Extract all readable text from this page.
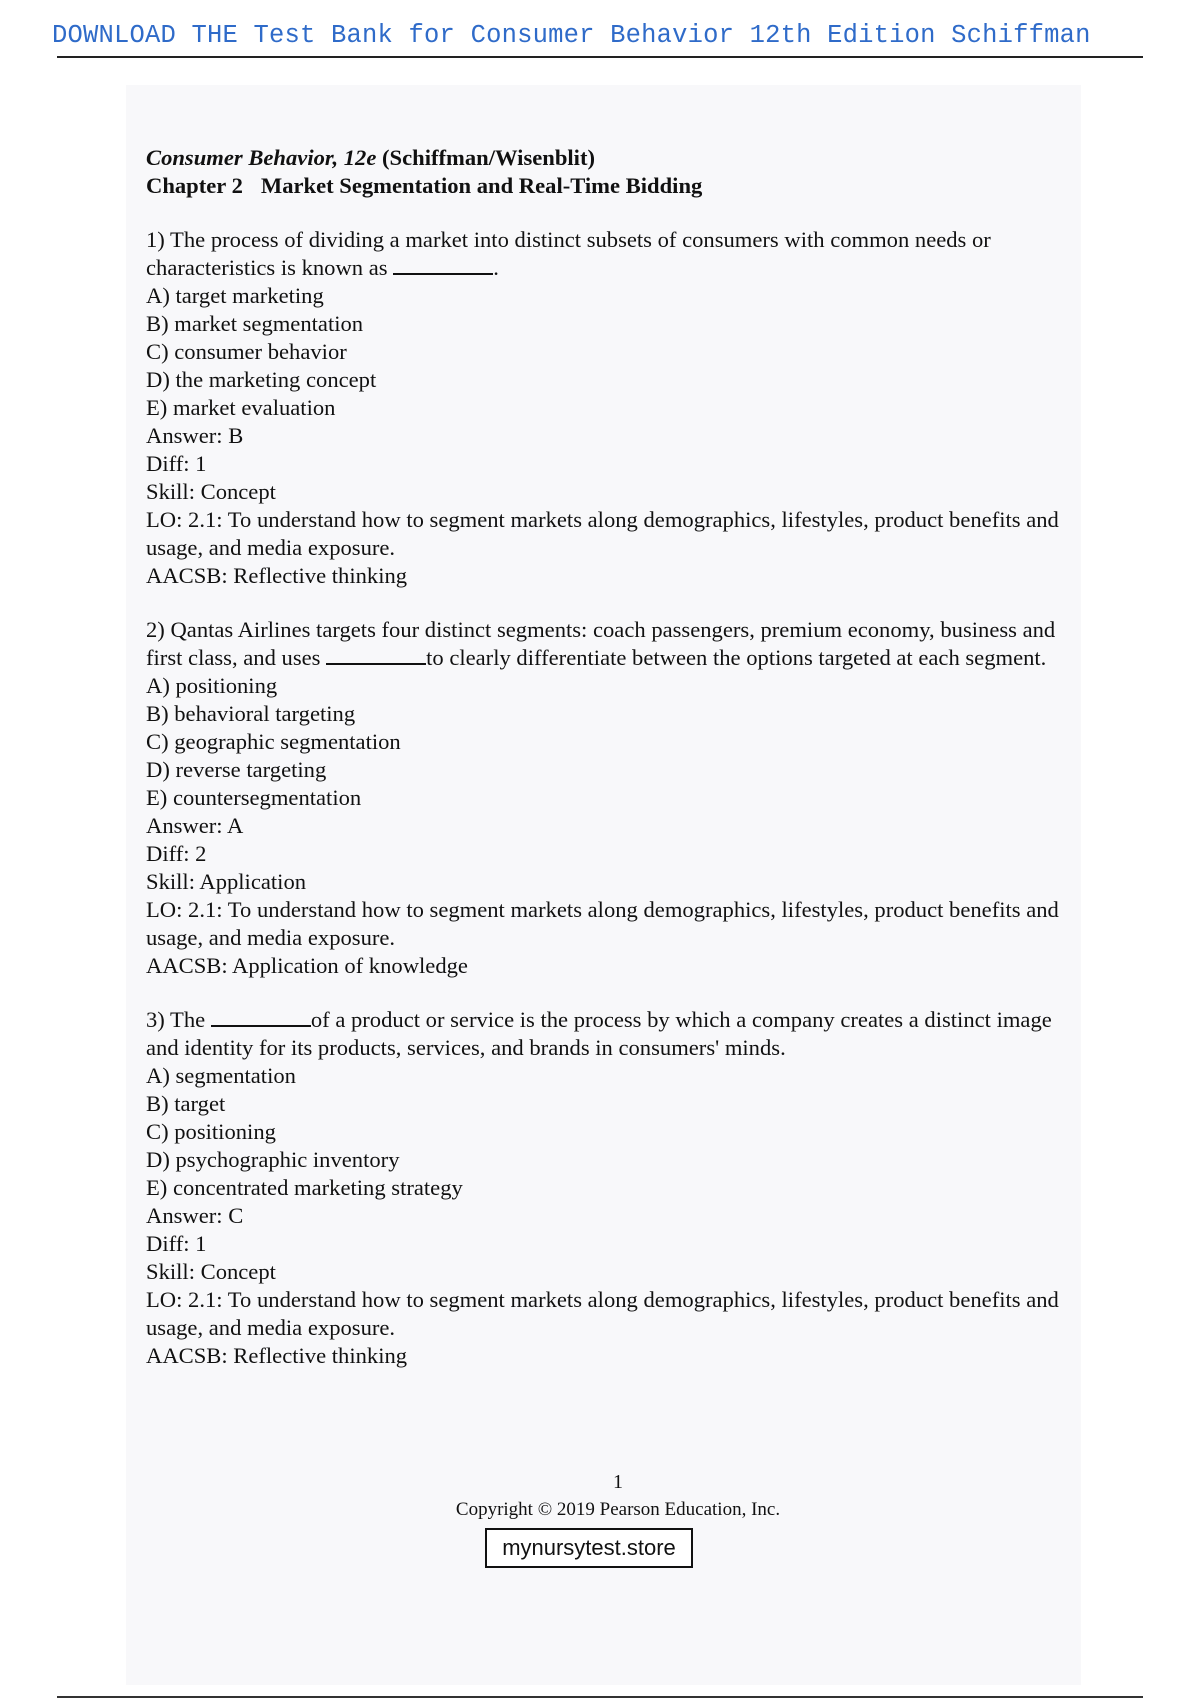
DOWNLOAD THE Test Bank for Consumer Behavior 12th Edition Schiffman
Consumer Behavior, 12e (Schiffman/Wisenblit)
Chapter 2 Market Segmentation and Real-Time Bidding
1) The process of dividing a market into distinct subsets of consumers with common needs or characteristics is known as	.
A) target marketing
B) market segmentation
C) consumer behavior
D) the marketing concept
E) market evaluation
Answer: B
Diff: 1
Skill: Concept
LO: 2.1: To understand how to segment markets along demographics, lifestyles, product benefits and usage, and media exposure.
AACSB: Reflective thinking
2) Qantas Airlines targets four distinct segments: coach passengers, premium economy, business and first class, and uses	to clearly differentiate between the options targeted at each segment.
A) positioning
B) behavioral targeting
C) geographic segmentation
D) reverse targeting
E) countersegmentation
Answer: A
Diff: 2
Skill: Application
LO: 2.1: To understand how to segment markets along demographics, lifestyles, product benefits and usage, and media exposure.
AACSB: Application of knowledge
3) The	of a product or service is the process by which a company creates a distinct image and identity for its products, services, and brands in consumers' minds.
A) segmentation
B) target
C) positioning
D) psychographic inventory
E) concentrated marketing strategy
Answer: C
Diff: 1
Skill: Concept
LO: 2.1: To understand how to segment markets along demographics, lifestyles, product benefits and usage, and media exposure.
AACSB: Reflective thinking
1
Copyright © 2019 Pearson Education, Inc.
mynursytest.store
